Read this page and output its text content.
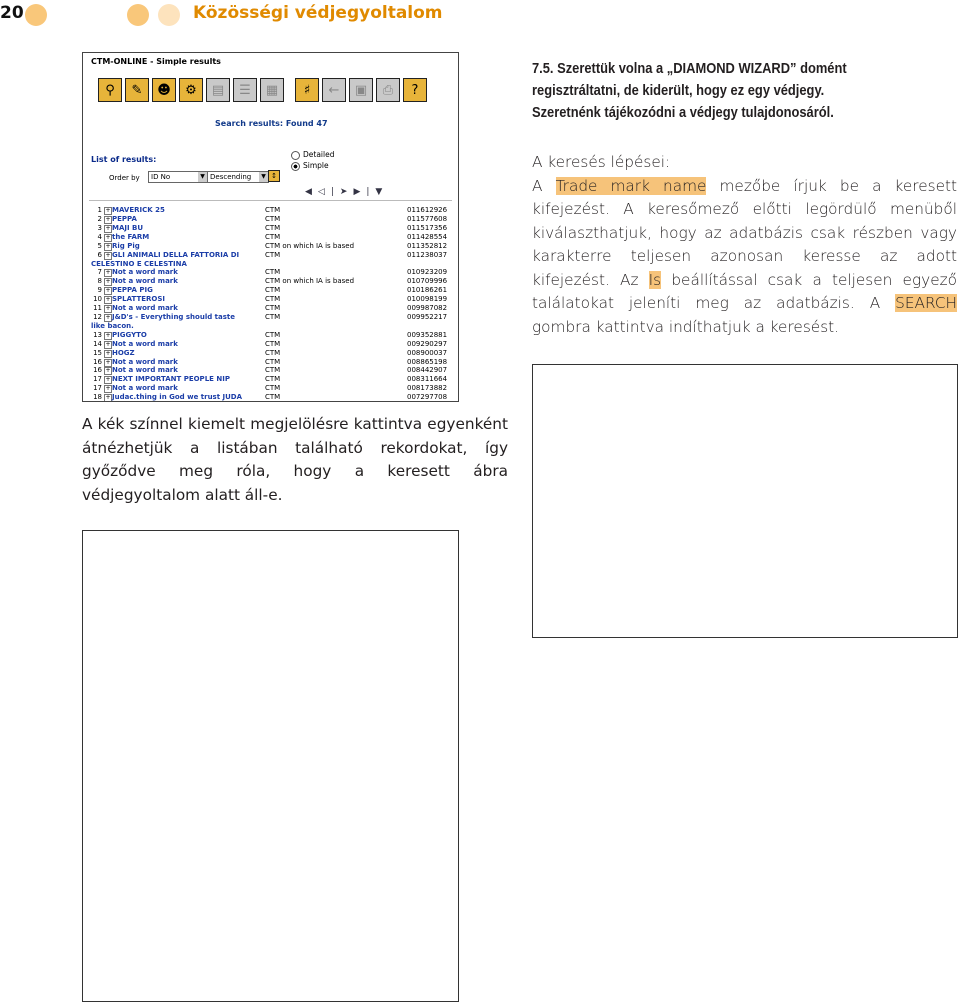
20	Közösségi védjegyoltalom
CTM-ONLINE - Simple results
⚲	✎	☻	⚙	▤	☰	▦	♯	←	▣	⎙	?
Search results: Found 47
List of results:
Detailed
Simple
Order by	ID No	▼ Descending	▼ ↕
◀◁|➤▶|▼
1 + MAVERICK 25	CTM	011612926
2 + PEPPA	CTM	011577608
3 + MAJI BU	CTM	011517356
4 + the FARM	CTM	011428554
5 + Rig Pig	CTM on which IA is based	011352812
6 + GLI ANIMALI DELLA FATTORIA DI	CTM	011238037
CELESTINO E CELESTINA
7 + Not a word mark	CTM	010923209
8 + Not a word mark	CTM on which IA is based	010709996
9 + PEPPA PIG	CTM	010186261
10 + SPLATTEROSI	CTM	010098199
11 + Not a word mark	CTM	009987082
12 + J&D's - Everything should taste	CTM	009952217
like bacon.
13 + PIGGYTO	CTM	009352881
14 + Not a word mark	CTM	009290297
15 + HOGZ	CTM	008900037
16 + Not a word mark	CTM	008865198
16 + Not a word mark	CTM	008442907
17 + NEXT IMPORTANT PEOPLE NIP	CTM	008311664
17 + Not a word mark	CTM	008173882
18 + Judac.thing in God we trust JUDA	CTM	007297708
7.5. Szerettük volna a „DIAMOND WIZARD” domént regisztráltatni, de kiderült, hogy ez egy védjegy. Szeretnénk tájékozódni a védjegy tulajdonosáról.
A keresés lépései:
A Trade mark name mezőbe írjuk be a keresett kifejezést. A keresőmező előtti legördülő menüből kiválaszthatjuk, hogy az adatbázis csak részben vagy karakterre teljesen azonosan keresse az adott kifejezést. Az Is beállítással csak a teljesen egyező találatokat jeleníti meg az adatbázis. A SEARCH gombra kattintva indíthatjuk a keresést.
A kék színnel kiemelt megjelölésre kattintva egyenként átnézhetjük a listában található rekordokat, így győződve meg róla, hogy a keresett ábra védjegyoltalom alatt áll-e.
